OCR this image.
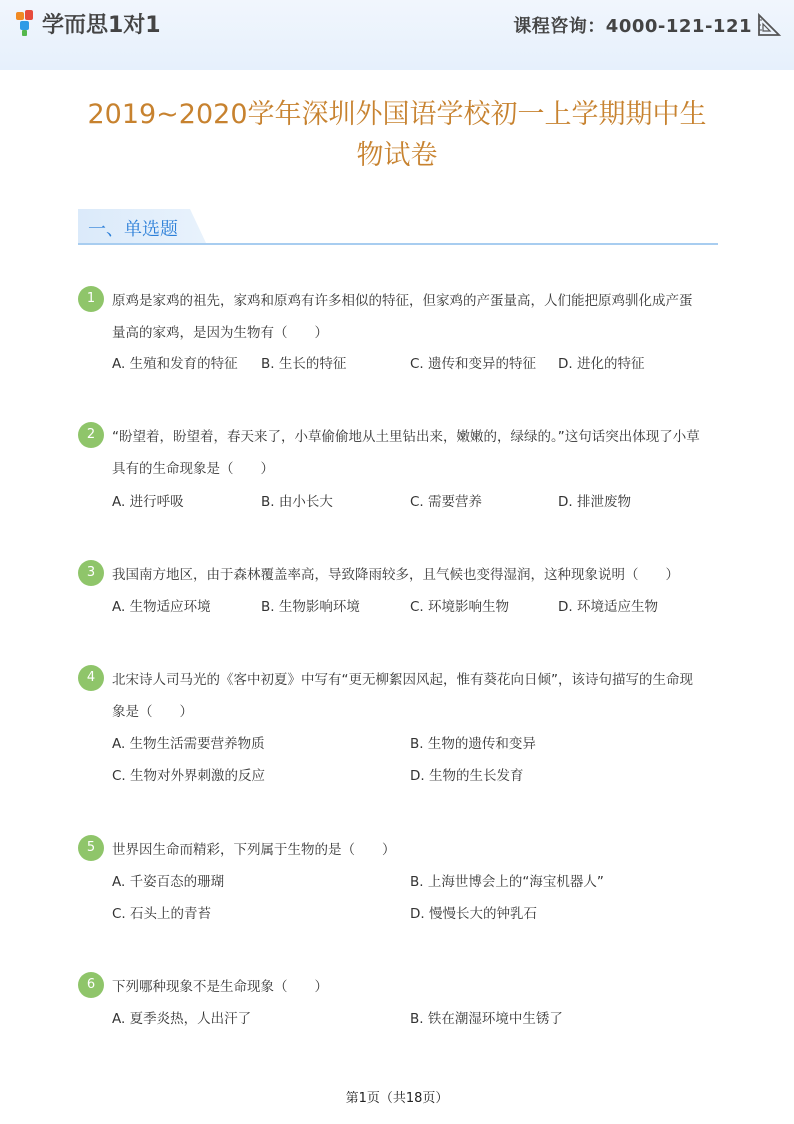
学而思1对1	课程咨询：4000-121-121
2019~2020学年深圳外国语学校初一上学期期中生
物试卷
一、单选题
1	原鸡是家鸡的祖先，家鸡和原鸡有许多相似的特征，但家鸡的产蛋量高，人们能把原鸡驯化成产蛋量高的家鸡，是因为生物有（　　）
A. 生殖和发育的特征 B. 生长的特征	C. 遗传和变异的特征 D. 进化的特征
2	“盼望着，盼望着，春天来了，小草偷偷地从土里钻出来，嫩嫩的，绿绿的。”这句话突出体现了小草具有的生命现象是（　　）
A. 进行呼吸	B. 由小长大	C. 需要营养	D. 排泄废物
3	我国南方地区，由于森林覆盖率高，导致降雨较多，且气候也变得湿润，这种现象说明（　　）
A. 生物适应环境	B. 生物影响环境	C. 环境影响生物	D. 环境适应生物
4	北宋诗人司马光的《客中初夏》中写有“更无柳絮因风起，惟有葵花向日倾”，该诗句描写的生命现象是（　　）
A. 生物生活需要营养物质	B. 生物的遗传和变异
C. 生物对外界刺激的反应	D. 生物的生长发育
5	世界因生命而精彩，下列属于生物的是（　　）
A. 千姿百态的珊瑚	B. 上海世博会上的“海宝机器人”
C. 石头上的青苔	D. 慢慢长大的钟乳石
6	下列哪种现象不是生命现象（　　）
A. 夏季炎热，人出汗了	B. 铁在潮湿环境中生锈了
第1页（共18页）
